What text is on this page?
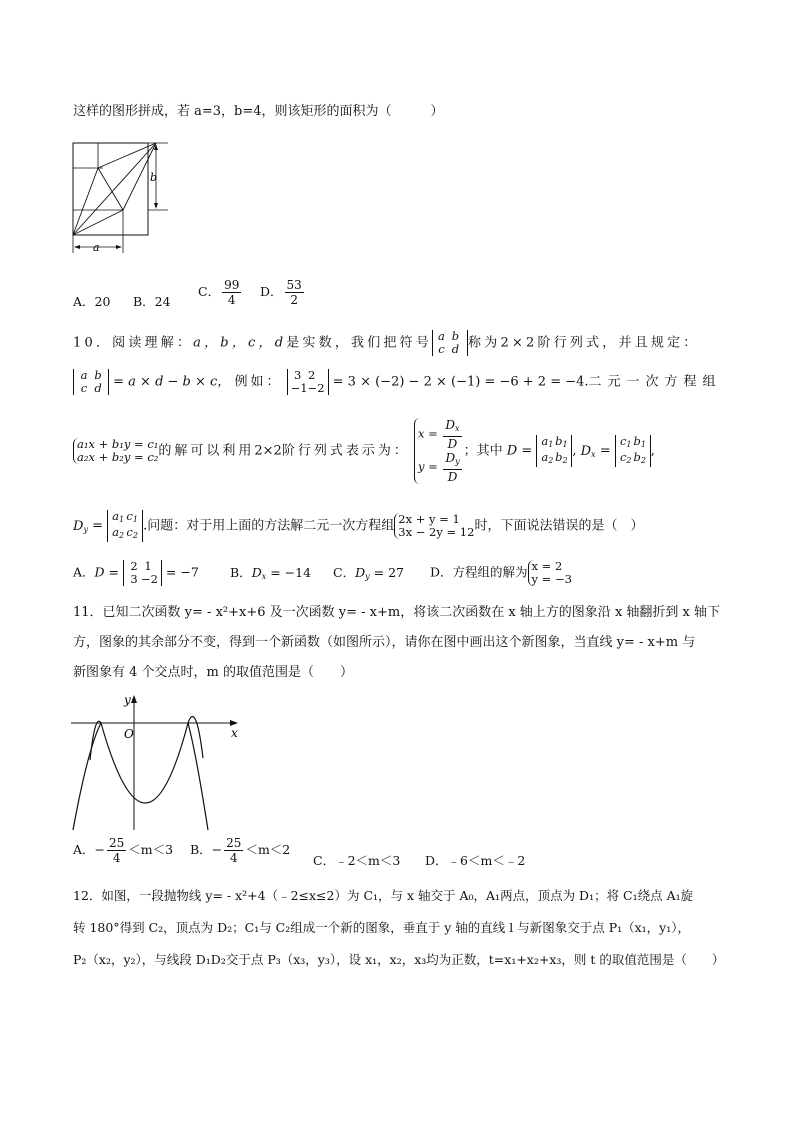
这样的图形拼成，若 a=3，b=4，则该矩形的面积为（　　　）
b
a
A．20 B．24
C． $\frac{99}{4}$ D． $\frac{53}{2}$
10．阅读理解：a，b，c，d是实数，我们把符号 a b
c d 称为2×2阶行列式，并且规定：
a b
c d = a × d − b × c， 例如： 3 2
−1−2 = 3 × (−2) − 2 × (−1) = −6 + 2 = −4.二元一次方程组
a₁x + b₁y = c₁
a₂x + b₂y = c₂ 的解可以利用2×2阶行列式表示为：
$x = \frac{D_x}{D}$
$y = \frac{D_y}{D}$ ；其中 D =
$a_1$ $b_1$
$a_2$ $b_2$
, $D_x$ =
$c_1$ $b_1$
$c_2$ $b_2$
,
$D_y$ =
$a_1$ $c_1$
$a_2$ $c_2$
.问题：对于用上面的方法解二元一次方程组 2x + y = 1
3x − 2y = 12 时，下面说法错误的是（　）
A．D = 2 1
3 −2 = −7 B．$D_x = -14$ C．$D_y = 27$ D．方程组的解为 x = 2
y = −3
11．已知二次函数 y= - x²+x+6 及一次函数 y= - x+m，将该二次函数在 x 轴上方的图象沿 x 轴翻折到 x 轴下
方，图象的其余部分不变，得到一个新函数（如图所示），请你在图中画出这个新图象，当直线 y= - x+m 与
新图象有 4 个交点时，m 的取值范围是（　　）
x
y
O
A．− $\frac{25}{4} <m<3$ B．− $\frac{25}{4} <m<2$
C．﹣2＜m＜3 D．﹣6＜m＜﹣2
12．如图，一段抛物线 y= - x²+4（﹣2≤x≤2）为 C₁，与 x 轴交于 A₀，A₁两点，顶点为 D₁；将 C₁绕点 A₁旋
转 180°得到 C₂，顶点为 D₂；C₁与 C₂组成一个新的图象，垂直于 y 轴的直线 l 与新图象交于点 P₁（x₁，y₁），
P₂（x₂，y₂），与线段 D₁D₂交于点 P₃（x₃，y₃），设 x₁，x₂，x₃均为正数，t=x₁+x₂+x₃，则 t 的取值范围是（　　）
